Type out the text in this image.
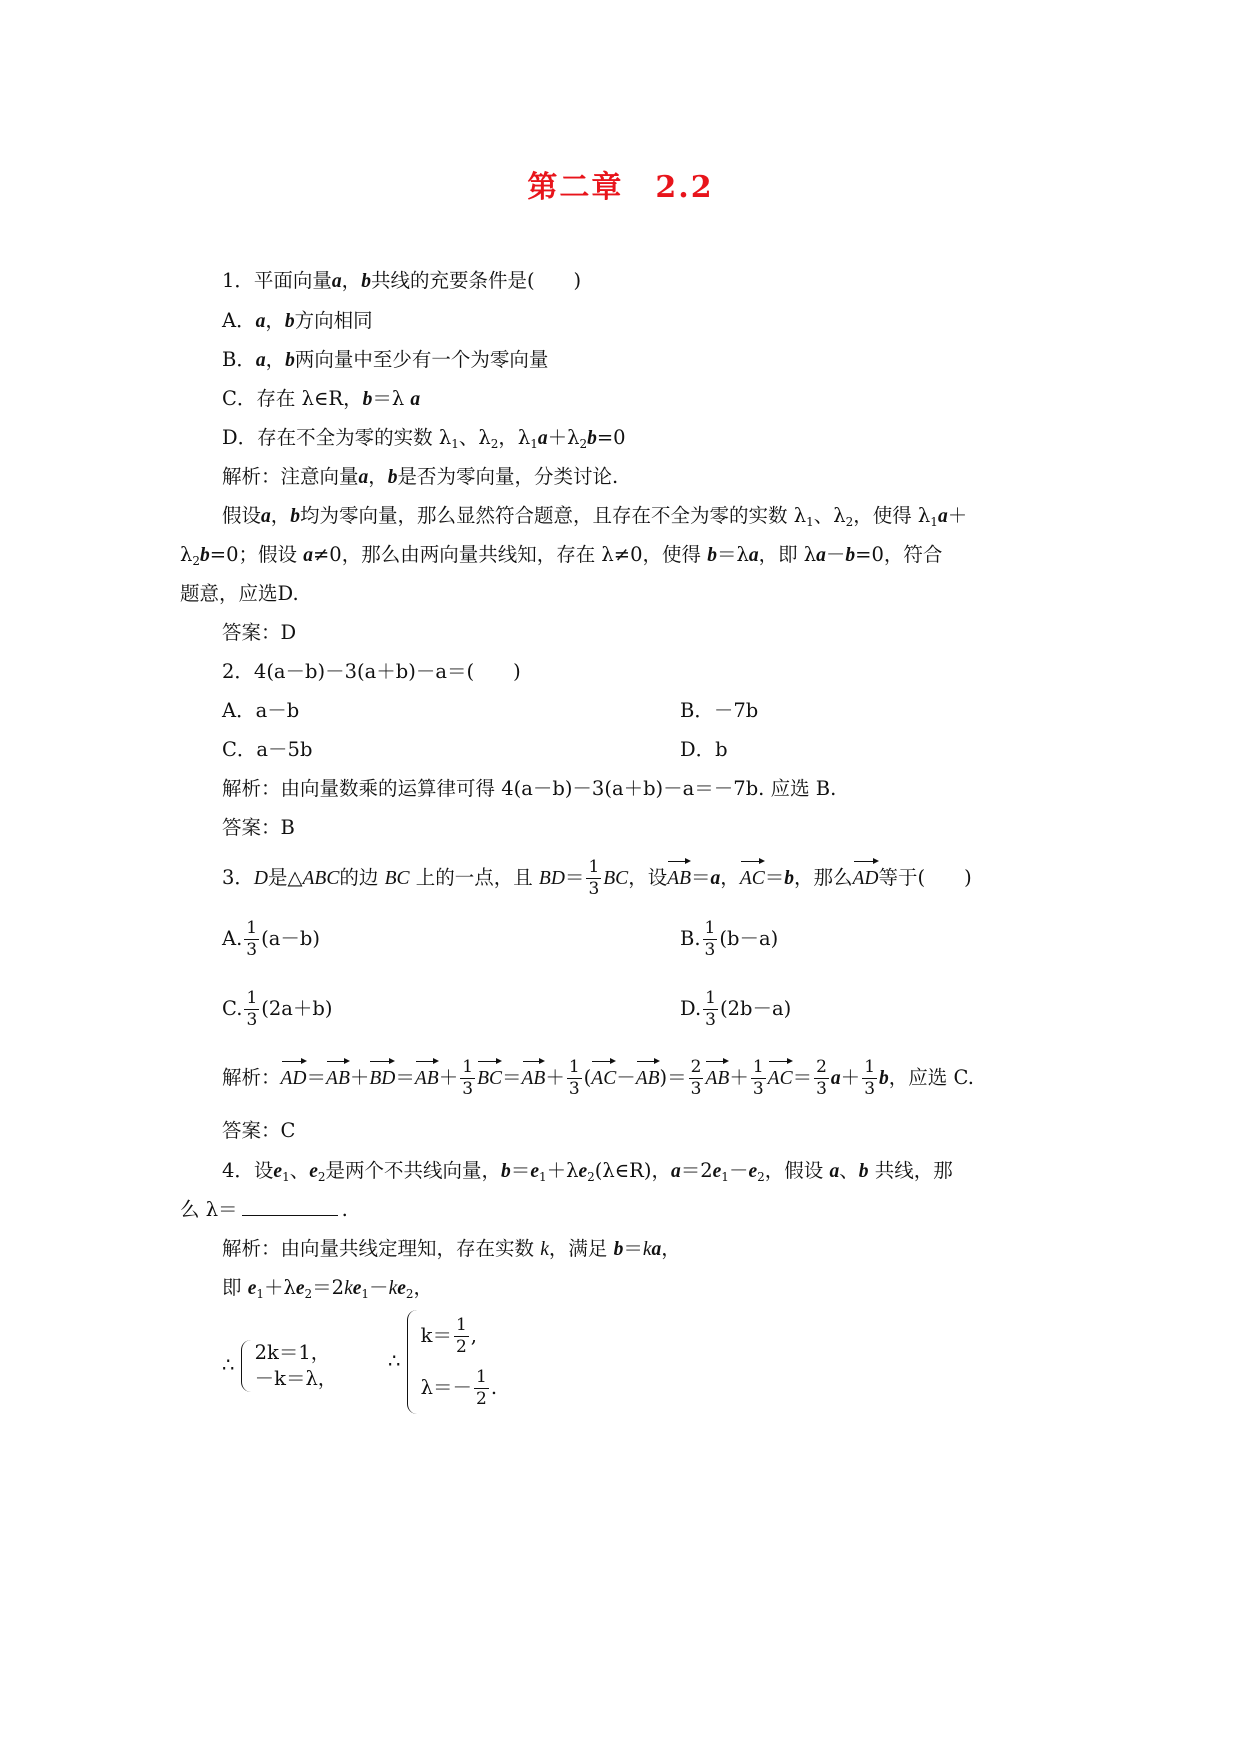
第二章　2.2
1．平面向量a，b共线的充要条件是(　　)
A．a，b方向相同
B．a，b两向量中至少有一个为零向量
C．存在 λ∈R，b＝λ a
D．存在不全为零的实数 $\lambda_1$、$\lambda_2$，$\lambda_1a+\lambda_2b=0$
解析：注意向量a，b是否为零向量，分类讨论.
假设a，b均为零向量，那么显然符合题意，且存在不全为零的实数 $\lambda_1$、$\lambda_2$，使得 $\lambda_1a+$
$\lambda_2b=0$；假设 a≠0，那么由两向量共线知，存在 λ≠0，使得 b＝λa，即 λa－b=0，符合
题意，应选D.
答案：D
2．4(a－b)－3(a＋b)－a＝(　　)
A．a－b	B．－7b
C．a－5b	D．b
解析：由向量数乘的运算律可得 4(a－b)－3(a＋b)－a＝－7b. 应选 B.
答案：B
3．D是△ABC的边 BC 上的一点，且 $BD= \frac{1}{3}$ BC，设AB＝a，AC＝b，那么AD等于(　　)
A. $\frac{1}{3} (a-b)$	B. $\frac{1}{3} (b-a)$
C. $\frac{1}{3} (2a+b)$	D. $\frac{1}{3} (2b-a)$
解析：$AD=AB+BD=AB+ \frac{1}{3} BC=AB+ \frac{1}{3} (AC-AB)= \frac{2}{3} AB+ \frac{1}{3} AC= \frac{2}{3} a+ \frac{1}{3}$ b，应选 C.
答案：C
4．设$e_1$、$e_2$是两个不共线向量，$b=e_1+\lambda e_2(\lambda\in R)$，$a=2e_1-e_2$，假设 a、b 共线，那
么 λ＝	.
解析：由向量共线定理知，存在实数 k，满足 b＝ka，
即 $e_1+\lambda e_2=2ke_1-ke_2$，
∴
2k＝1，
－k＝λ，
∴
$k= \frac{1}{2}$ ,
$\lambda=- \frac{1}{2}$ .
